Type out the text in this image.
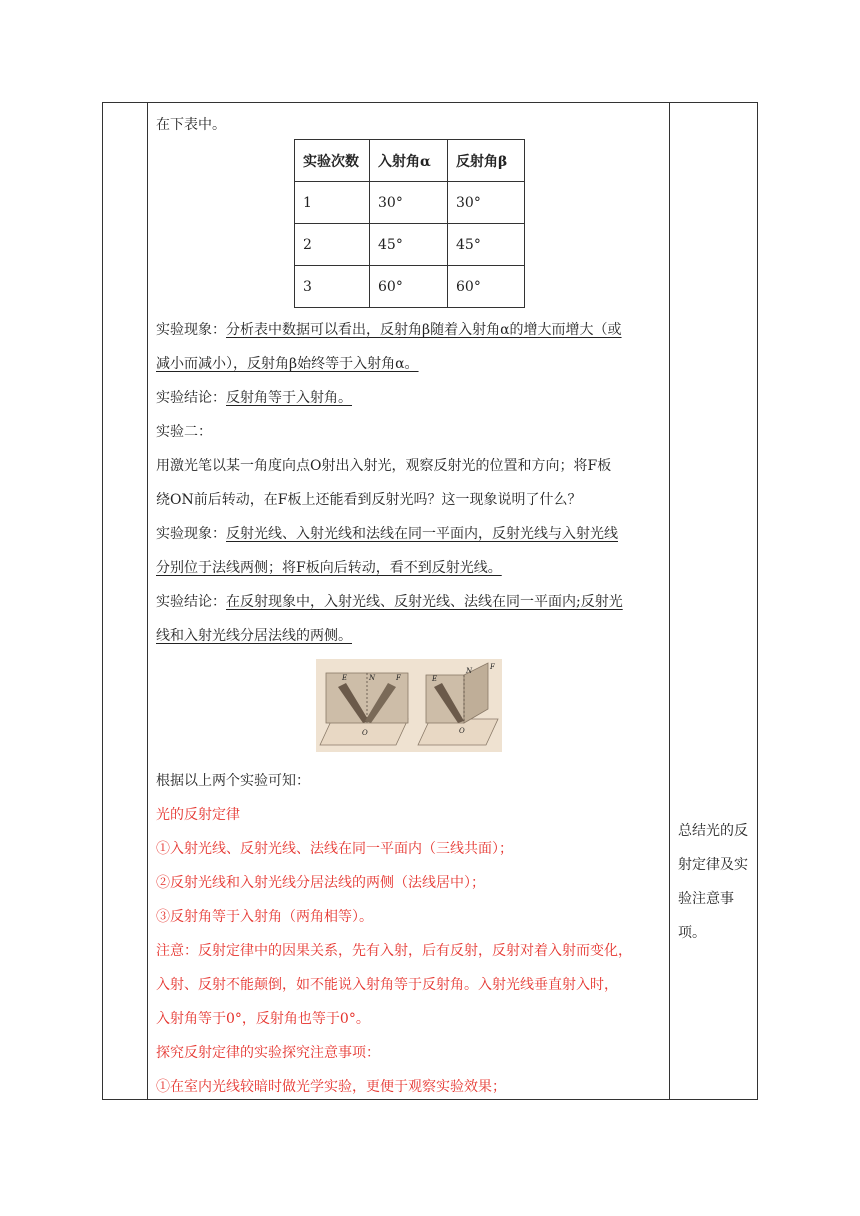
在下表中。
实验次数	入射角α	反射角β
1	30°	30°
2	45°	45°
3	60°	60°
实验现象：分析表中数据可以看出，反射角β随着入射角α的增大而增大（或
减小而减小），反射角β始终等于入射角α。
实验结论：反射角等于入射角。
实验二：
用激光笔以某一角度向点O射出入射光，观察反射光的位置和方向；将F板
绕ON前后转动，在F板上还能看到反射光吗？这一现象说明了什么？
实验现象：反射光线、入射光线和法线在同一平面内，反射光线与入射光线
分别位于法线两侧；将F板向后转动，看不到反射光线。
实验结论：在反射现象中，入射光线、反射光线、法线在同一平面内;反射光
线和入射光线分居法线的两侧。
E	N	F
O
E
N	F
O
根据以上两个实验可知：
光的反射定律
①入射光线、反射光线、法线在同一平面内（三线共面）；
②反射光线和入射光线分居法线的两侧（法线居中）；
③反射角等于入射角（两角相等）。
注意：反射定律中的因果关系，先有入射，后有反射，反射对着入射而变化，
入射、反射不能颠倒，如不能说入射角等于反射角。入射光线垂直射入时，
入射角等于0°，反射角也等于0°。
探究反射定律的实验探究注意事项：
①在室内光线较暗时做光学实验，更便于观察实验效果；
总结光的反
射定律及实
验注意事
项。
